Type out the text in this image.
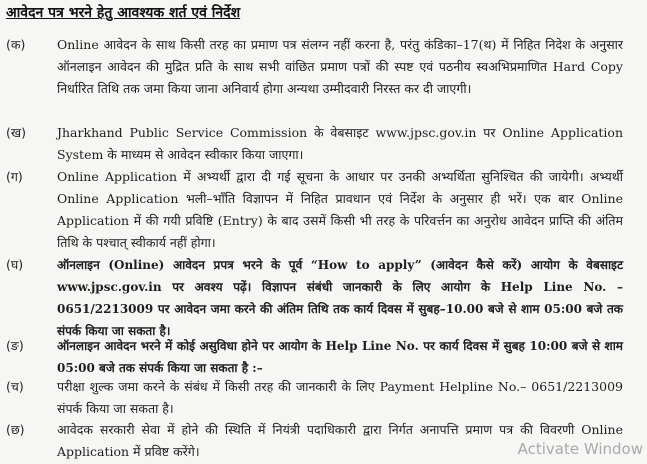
आवेदन पत्र भरने हेतु आवश्यक शर्त एवं निर्देश
(क)	Online आवेदन के साथ किसी तरह का प्रमाण पत्र संलग्न नहीं करना है, परंतु कंडिका–17(थ) में निहित निदेश के अनुसार ऑनलाइन आवेदन की मुद्रित प्रति के साथ सभी वांछित प्रमाण पत्रों की स्पष्ट एवं पठनीय स्वअभिप्रमाणित Hard Copy निर्धारित तिथि तक जमा किया जाना अनिवार्य होगा अन्यथा उम्मीदवारी निरस्त कर दी जाएगी।
(ख) Jharkhand Public Service Commission के वेबसाइट www.jpsc.gov.in पर Online Application System के माध्यम से आवेदन स्वीकार किया जाएगा।
(ग)	Online Application में अभ्यर्थी द्वारा दी गई सूचना के आधार पर उनकी अभ्यर्थिता सुनिश्चित की जायेगी। अभ्यर्थी Online Application भली–भाँति विज्ञापन में निहित प्रावधान एवं निर्देश के अनुसार ही भरें। एक बार Online Application में की गयी प्रविष्टि (Entry) के बाद उसमें किसी भी तरह के परिवर्त्तन का अनुरोध आवेदन प्राप्ति की अंतिम तिथि के पश्चात् स्वीकार्य नहीं होगा।
(घ)	ऑनलाइन (Online) आवेदन प्रपत्र भरने के पूर्व “How to apply” (आवेदन कैसे करें) आयोग के वेबसाइट www.jpsc.gov.in पर अवश्य पढ़ें। विज्ञापन संबंधी जानकारी के लिए आयोग के Help Line No. – 0651/2213009 पर आवेदन जमा करने की अंतिम तिथि तक कार्य दिवस में सुबह–10.00 बजे से शाम 05:00 बजे तक संपर्क किया जा सकता है।
(ङ)	ऑनलाइन आवेदन भरने में कोई असुविधा होने पर आयोग के Help Line No. पर कार्य दिवस में सुबह 10:00 बजे से शाम 05:00 बजे तक संपर्क किया जा सकता है :–
(च)	परीक्षा शुल्क जमा करने के संबंध में किसी तरह की जानकारी के लिए Payment Helpline No.– 0651/2213009 संपर्क किया जा सकता है।
(छ)	आवेदक सरकारी सेवा में होने की स्थिति में नियंत्री पदाधिकारी द्वारा निर्गत अनापत्ति प्रमाण पत्र की विवरणी Online Application में प्रविष्ट करेंगे।	Activate Window
